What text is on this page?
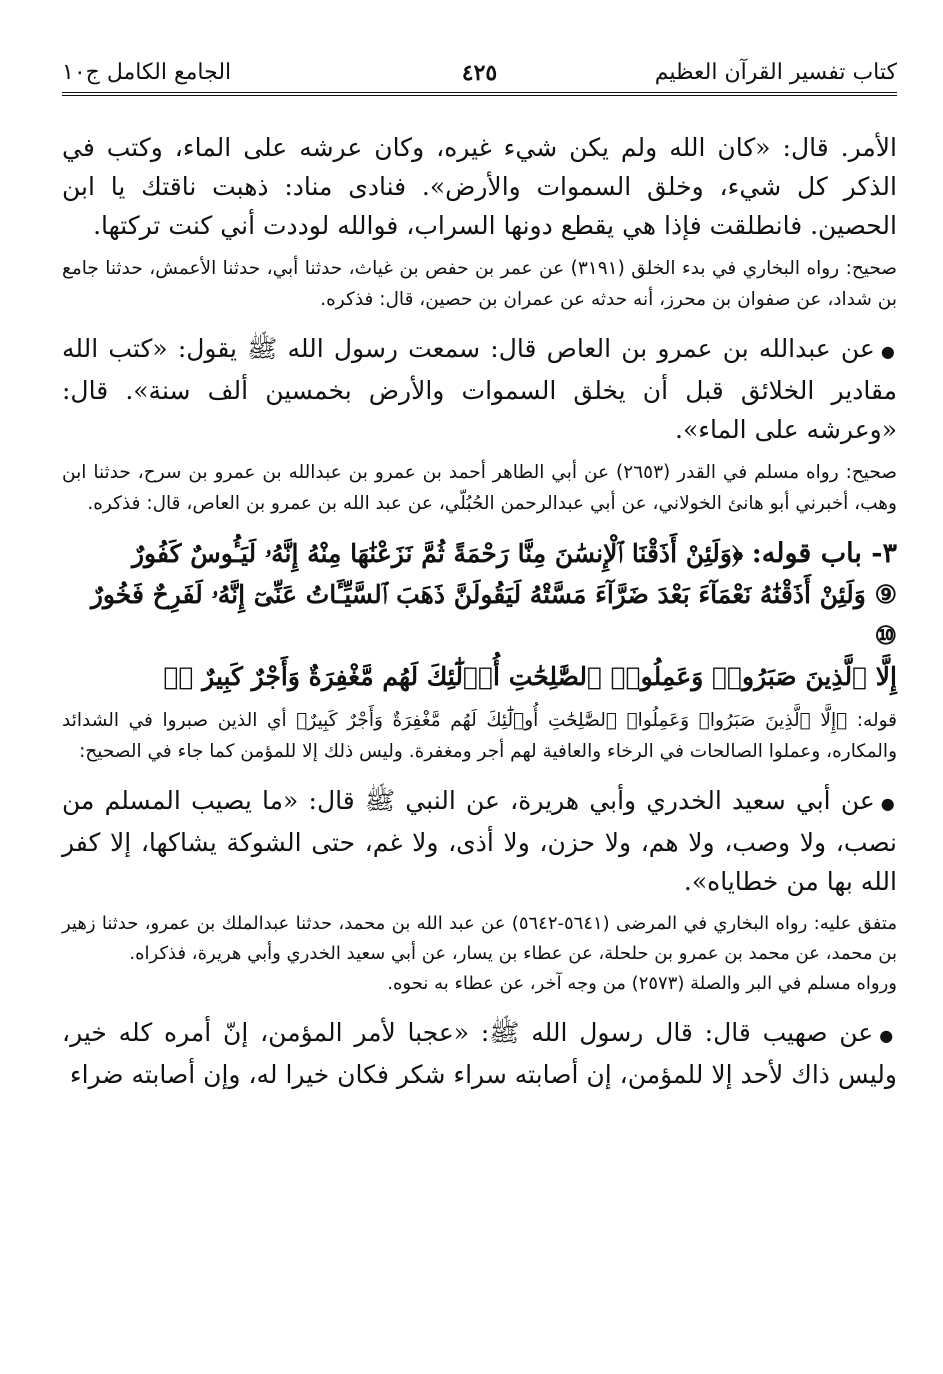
كتاب تفسير القرآن العظيم
٤٢٥
الجامع الكامل ج١٠

الأمر. قال: «كان الله ولم يكن شيء غيره، وكان عرشه على الماء، وكتب في الذكر كل شيء، وخلق السموات والأرض». فنادى مناد: ذهبت ناقتك يا ابن الحصين. فانطلقت فإذا هي يقطع دونها السراب، فوالله لوددت أني كنت تركتها.

صحيح: رواه البخاري في بدء الخلق (٣١٩١) عن عمر بن حفص بن غياث، حدثنا أبي، حدثنا الأعمش، حدثنا جامع بن شداد، عن صفوان بن محرز، أنه حدثه عن عمران بن حصين، قال: فذكره.

●عن عبدالله بن عمرو بن العاص قال: سمعت رسول الله ﷺ يقول: «كتب الله مقادير الخلائق قبل أن يخلق السموات والأرض بخمسين ألف سنة». قال: «وعرشه على الماء».

صحيح: رواه مسلم في القدر (٢٦٥٣) عن أبي الطاهر أحمد بن عمرو بن عبدالله بن عمرو بن سرح، حدثنا ابن وهب، أخبرني أبو هانئ الخولاني، عن أبي عبدالرحمن الحُبُلّي، عن عبد الله بن عمرو بن العاص، قال: فذكره.

٣- باب قوله: ﴿وَلَئِنْ أَذَقْنَا ٱلْإِنسَٰنَ مِنَّا رَحْمَةً ثُمَّ نَزَعْنَٰهَا مِنْهُ إِنَّهُۥ لَيَـُٔوسٌ كَفُورٌ
⑨ وَلَئِنْ أَذَقْنَٰهُ نَعْمَآءَ بَعْدَ ضَرَّآءَ مَسَّتْهُ لَيَقُولَنَّ ذَهَبَ ٱلسَّيِّـَٔاتُ عَنِّىٓ إِنَّهُۥ لَفَرِحٌ فَخُورٌ ⑩
إِلَّا ٱلَّذِينَ صَبَرُوا۟ وَعَمِلُوا۟ ٱلصَّٰلِحَٰتِ أُو۟لَٰٓئِكَ لَهُم مَّغْفِرَةٌ وَأَجْرٌ كَبِيرٌ ⑪﴾

قوله: ﴿إِلَّا ٱلَّذِينَ صَبَرُوا۟ وَعَمِلُوا۟ ٱلصَّٰلِحَٰتِ أُو۟لَٰٓئِكَ لَهُم مَّغْفِرَةٌ وَأَجْرٌ كَبِيرٌ﴾ أي الذين صبروا في الشدائد والمكاره، وعملوا الصالحات في الرخاء والعافية لهم أجر ومغفرة. وليس ذلك إلا للمؤمن كما جاء في الصحيح:

●عن أبي سعيد الخدري وأبي هريرة، عن النبي ﷺ قال: «ما يصيب المسلم من نصب، ولا وصب، ولا هم، ولا حزن، ولا أذى، ولا غم، حتى الشوكة يشاكها، إلا كفر الله بها من خطاياه».

متفق عليه: رواه البخاري في المرضى (٥٦٤١-٥٦٤٢) عن عبد الله بن محمد، حدثنا عبدالملك بن عمرو، حدثنا زهير بن محمد، عن محمد بن عمرو بن حلحلة، عن عطاء بن يسار، عن أبي سعيد الخدري وأبي هريرة، فذكراه.

ورواه مسلم في البر والصلة (٢٥٧٣) من وجه آخر، عن عطاء به نحوه.

●عن صهيب قال: قال رسول الله ﷺ: «عجبا لأمر المؤمن، إنّ أمره كله خير، وليس ذاك لأحد إلا للمؤمن، إن أصابته سراء شكر فكان خيرا له، وإن أصابته ضراء
